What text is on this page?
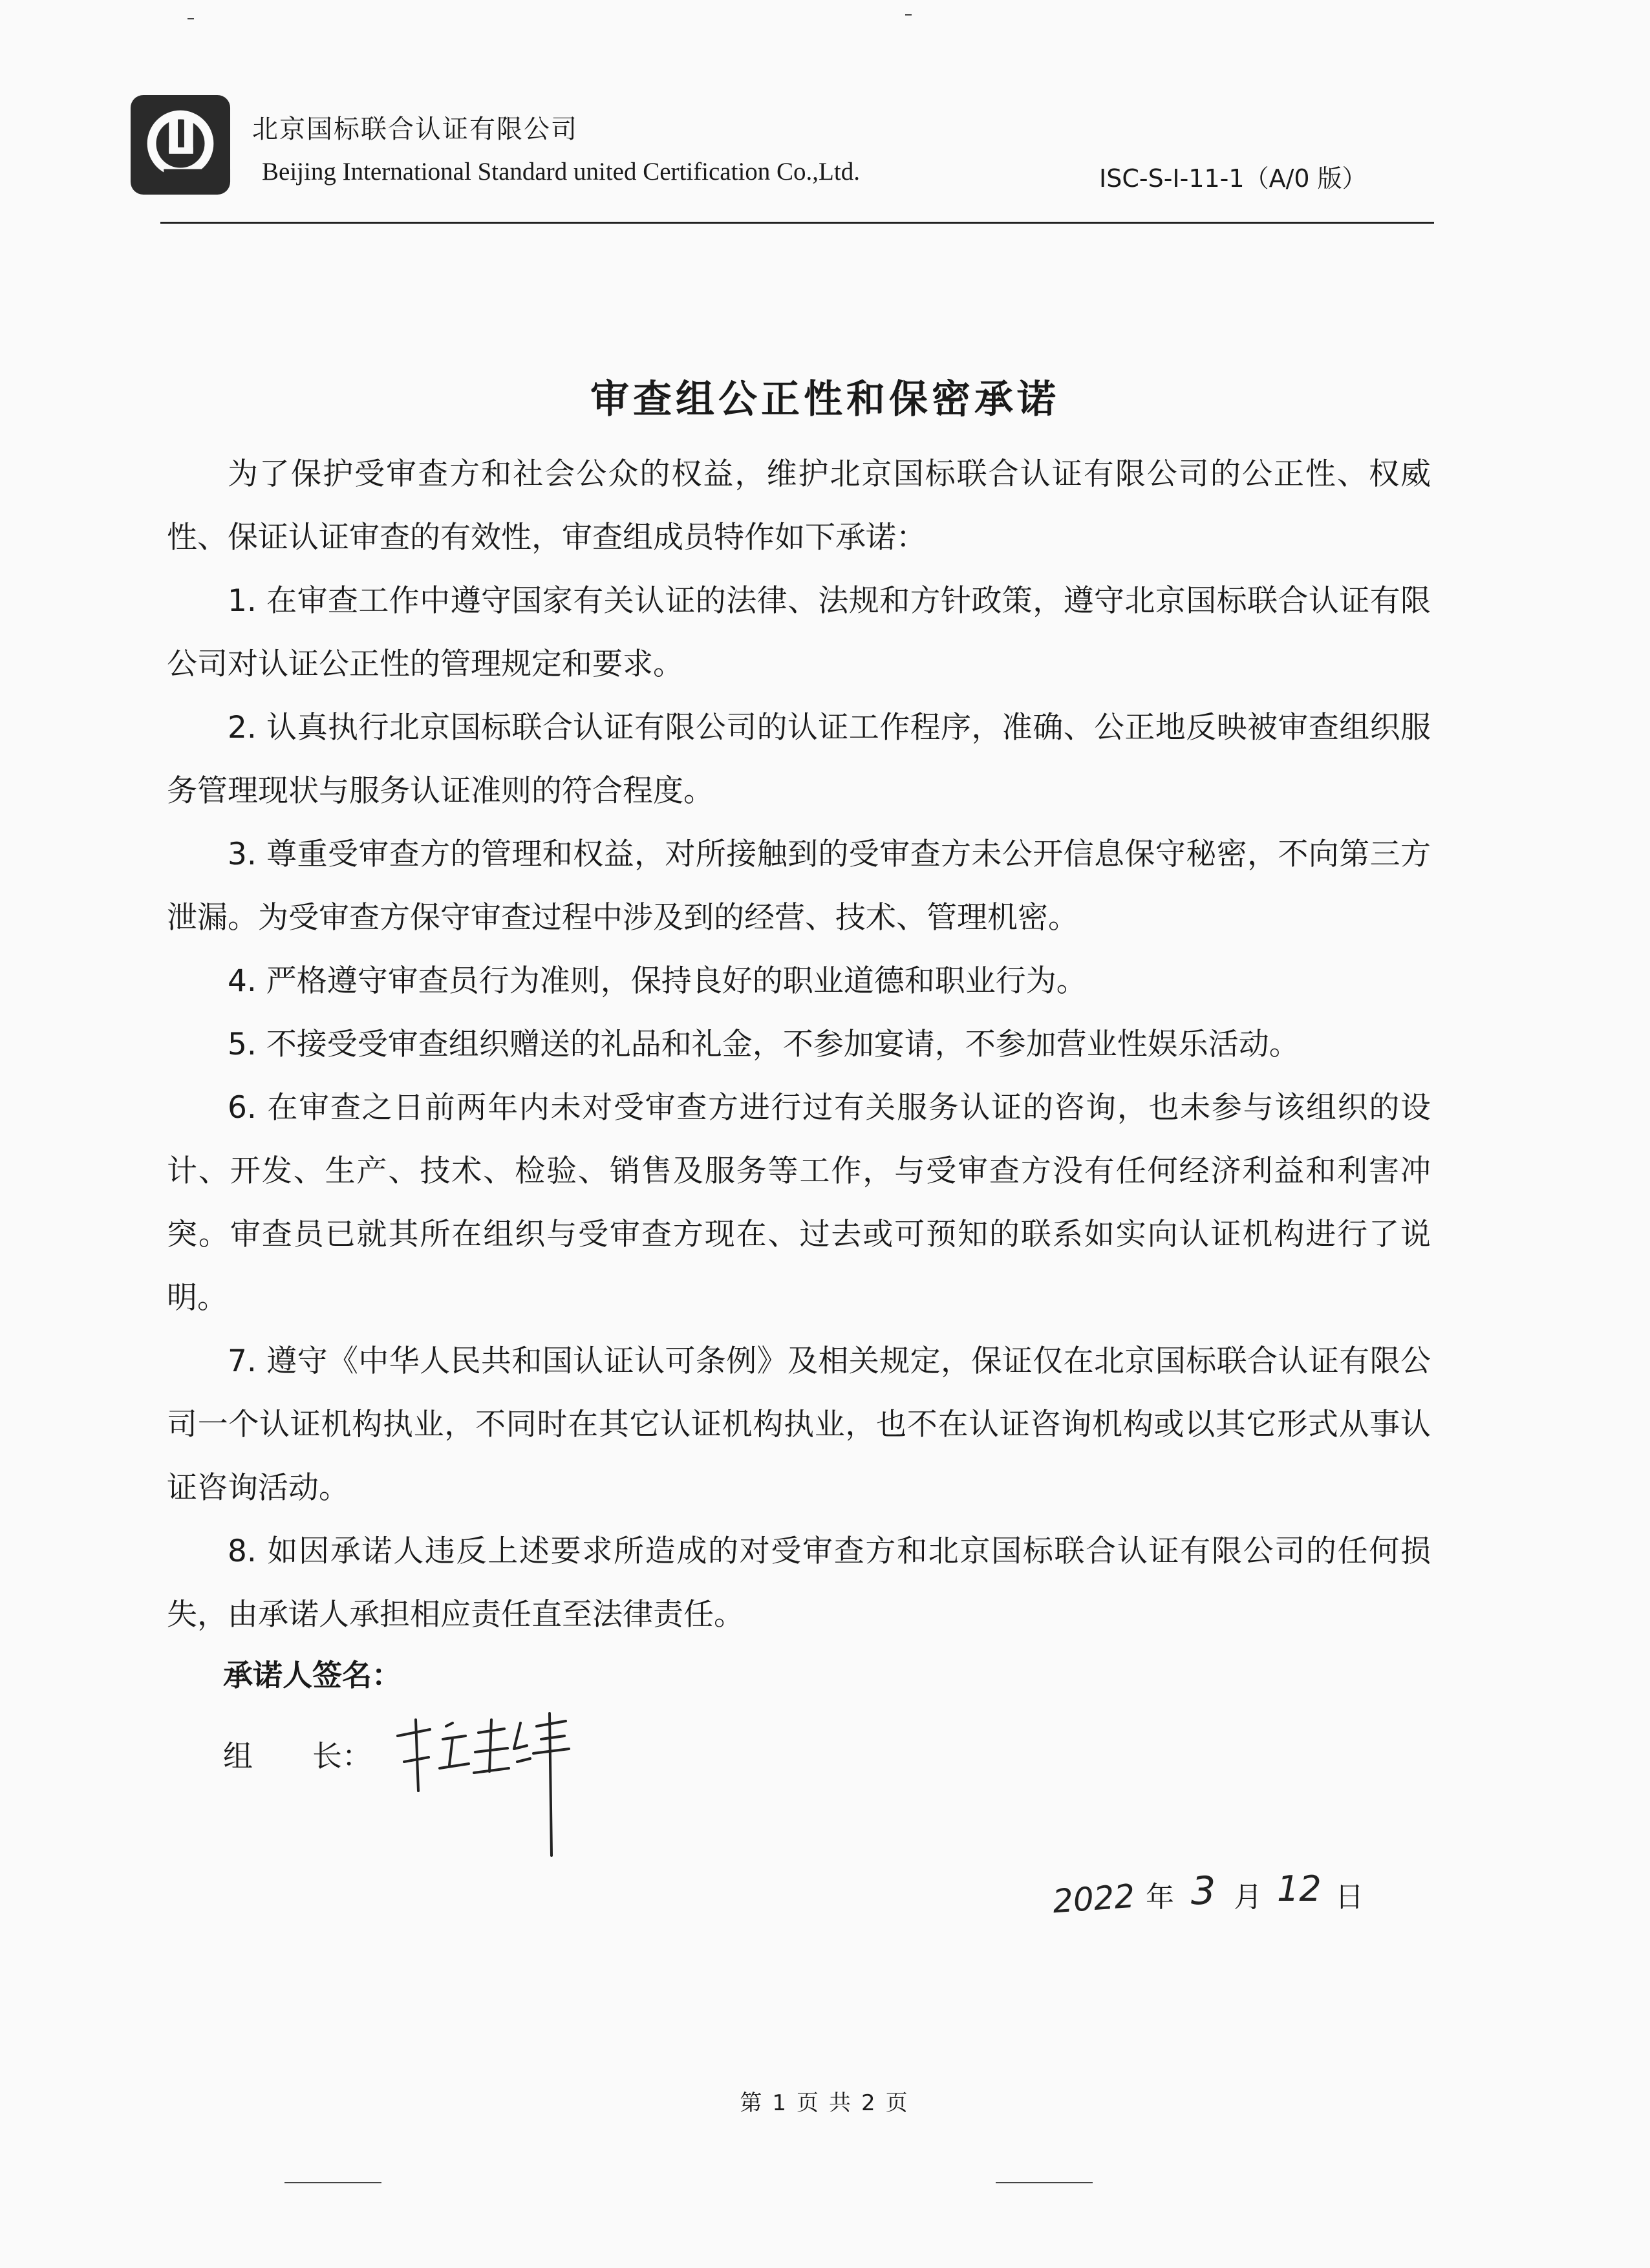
北京国标联合认证有限公司
Beijing International Standard united Certification Co.,Ltd.	ISC-S-I-11-1（A/0 版）
审查组公正性和保密承诺

为了保护受审查方和社会公众的权益，维护北京国标联合认证有限公司的公正性、权威性、保证认证审查的有效性，审查组成员特作如下承诺：

1. 在审查工作中遵守国家有关认证的法律、法规和方针政策，遵守北京国标联合认证有限公司对认证公正性的管理规定和要求。

2. 认真执行北京国标联合认证有限公司的认证工作程序，准确、公正地反映被审查组织服务管理现状与服务认证准则的符合程度。

3. 尊重受审查方的管理和权益，对所接触到的受审查方未公开信息保守秘密，不向第三方泄漏。为受审查方保守审查过程中涉及到的经营、技术、管理机密。

4. 严格遵守审查员行为准则，保持良好的职业道德和职业行为。

5. 不接受受审查组织赠送的礼品和礼金，不参加宴请，不参加营业性娱乐活动。

6. 在审查之日前两年内未对受审查方进行过有关服务认证的咨询，也未参与该组织的设计、开发、生产、技术、检验、销售及服务等工作，与受审查方没有任何经济利益和利害冲突。审查员已就其所在组织与受审查方现在、过去或可预知的联系如实向认证机构进行了说明。

7. 遵守《中华人民共和国认证认可条例》及相关规定，保证仅在北京国标联合认证有限公司一个认证机构执业，不同时在其它认证机构执业，也不在认证咨询机构或以其它形式从事认证咨询活动。

8. 如因承诺人违反上述要求所造成的对受审查方和北京国标联合认证有限公司的任何损失，由承诺人承担相应责任直至法律责任。

承诺人签名：
组　　长：
2022 年 3 月 12 日
第 1 页 共 2 页
